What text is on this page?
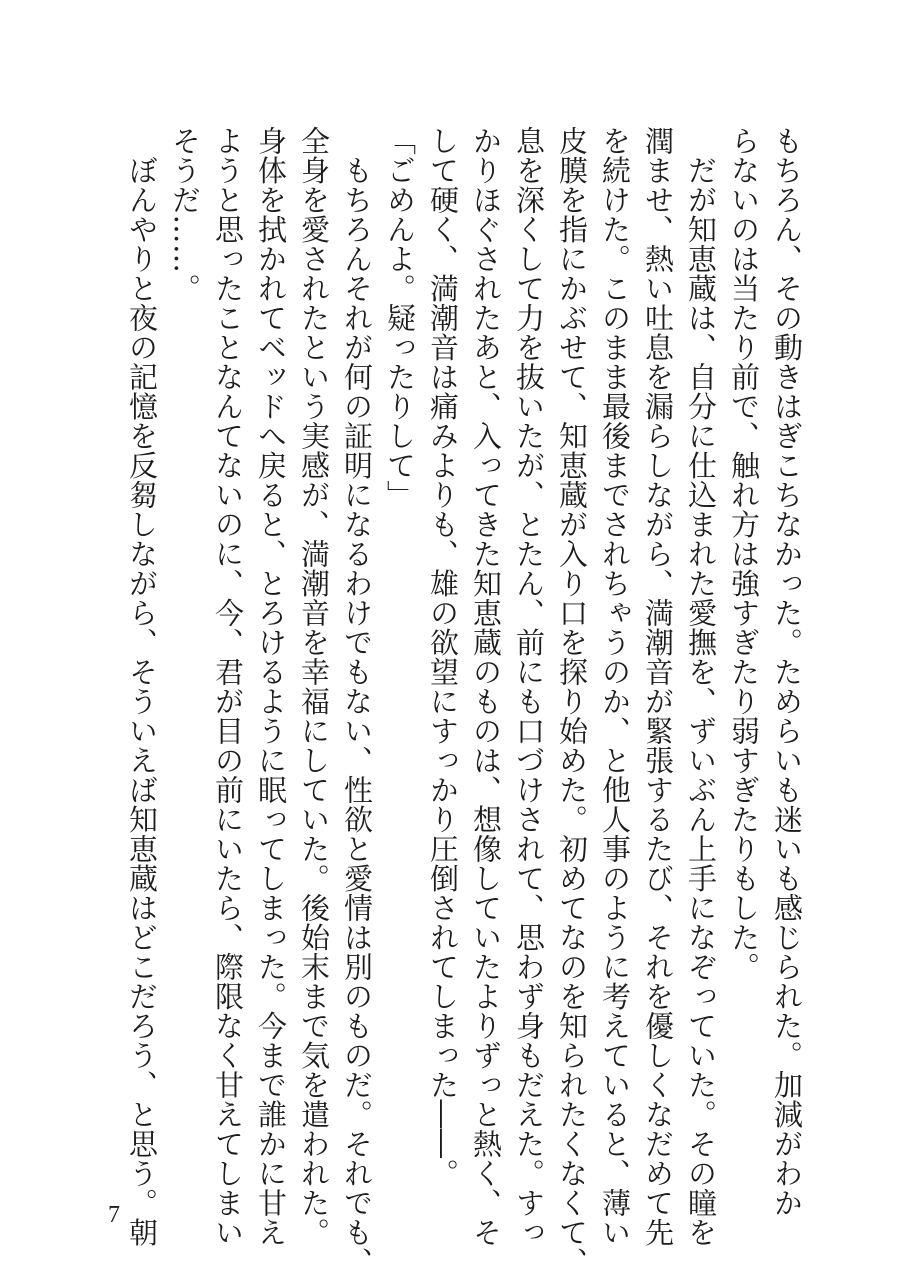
もちろん、その動きはぎこちなかった。ためらいも迷いも感じられた。加減がわか
らないのは当たり前で、触れ方は強すぎたり弱すぎたりもした。
　だが知恵蔵は、自分に仕込まれた愛撫を、ずいぶん上手になぞっていた。その瞳を
潤ませ、熱い吐息を漏らしながら、満潮音が緊張するたび、それを優しくなだめて先
を続けた。このまま最後までされちゃうのか、と他人事のように考えていると、薄い
皮膜を指にかぶせて、知恵蔵が入り口を探り始めた。初めてなのを知られたくなくて、
息を深くして力を抜いたが、とたん、前にも口づけされて、思わず身もだえた。すっ
かりほぐされたあと、入ってきた知恵蔵のものは、想像していたよりずっと熱く、そ
して硬く、満潮音は痛みよりも、雄の欲望にすっかり圧倒されてしまった――。
「ごめんよ。疑ったりして」
　もちろんそれが何の証明になるわけでもない、性欲と愛情は別のものだ。それでも、
全身を愛されたという実感が、満潮音を幸福にしていた。後始末まで気を遣われた。
身体を拭かれてベッドへ戻ると、とろけるように眠ってしまった。今まで誰かに甘え
ようと思ったことなんてないのに、今、君が目の前にいたら、際限なく甘えてしまい
そうだ……。
　ぼんやりと夜の記憶を反芻しながら、そういえば知恵蔵はどこだろう、と思う。朝
7
